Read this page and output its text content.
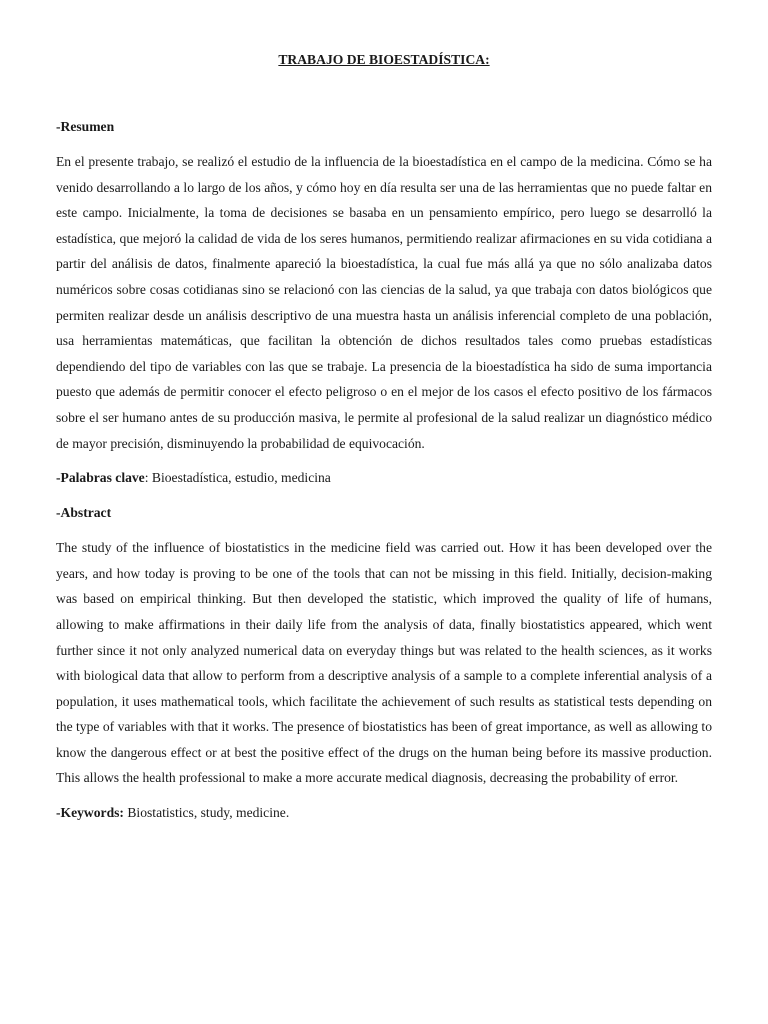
TRABAJO DE BIOESTADÍSTICA:

-Resumen

En el presente trabajo, se realizó el estudio de la influencia de la bioestadística en el campo de la medicina. Cómo se ha venido desarrollando a lo largo de los años, y cómo hoy en día resulta ser una de las herramientas que no puede faltar en este campo. Inicialmente, la toma de decisiones se basaba en un pensamiento empírico, pero luego se desarrolló la estadística, que mejoró la calidad de vida de los seres humanos, permitiendo realizar afirmaciones en su vida cotidiana a partir del análisis de datos, finalmente apareció la bioestadística, la cual fue más allá ya que no sólo analizaba datos numéricos sobre cosas cotidianas sino se relacionó con las ciencias de la salud, ya que trabaja con datos biológicos que permiten realizar desde un análisis descriptivo de una muestra hasta un análisis inferencial completo de una población, usa herramientas matemáticas, que facilitan la obtención de dichos resultados tales como pruebas estadísticas dependiendo del tipo de variables con las que se trabaje. La presencia de la bioestadística ha sido de suma importancia puesto que además de permitir conocer el efecto peligroso o en el mejor de los casos el efecto positivo de los fármacos sobre el ser humano antes de su producción masiva, le permite al profesional de la salud realizar un diagnóstico médico de mayor precisión, disminuyendo la probabilidad de equivocación.

-Palabras clave: Bioestadística, estudio, medicina

-Abstract

The study of the influence of biostatistics in the medicine field was carried out. How it has been developed over the years, and how today is proving to be one of the tools that can not be missing in this field. Initially, decision-making was based on empirical thinking. But then developed the statistic, which improved the quality of life of humans, allowing to make affirmations in their daily life from the analysis of data, finally biostatistics appeared, which went further since it not only analyzed numerical data on everyday things but was related to the health sciences, as it works with biological data that allow to perform from a descriptive analysis of a sample to a complete inferential analysis of a population, it uses mathematical tools, which facilitate the achievement of such results as statistical tests depending on the type of variables with that it works. The presence of biostatistics has been of great importance, as well as allowing to know the dangerous effect or at best the positive effect of the drugs on the human being before its massive production. This allows the health professional to make a more accurate medical diagnosis, decreasing the probability of error.

-Keywords: Biostatistics, study, medicine.
